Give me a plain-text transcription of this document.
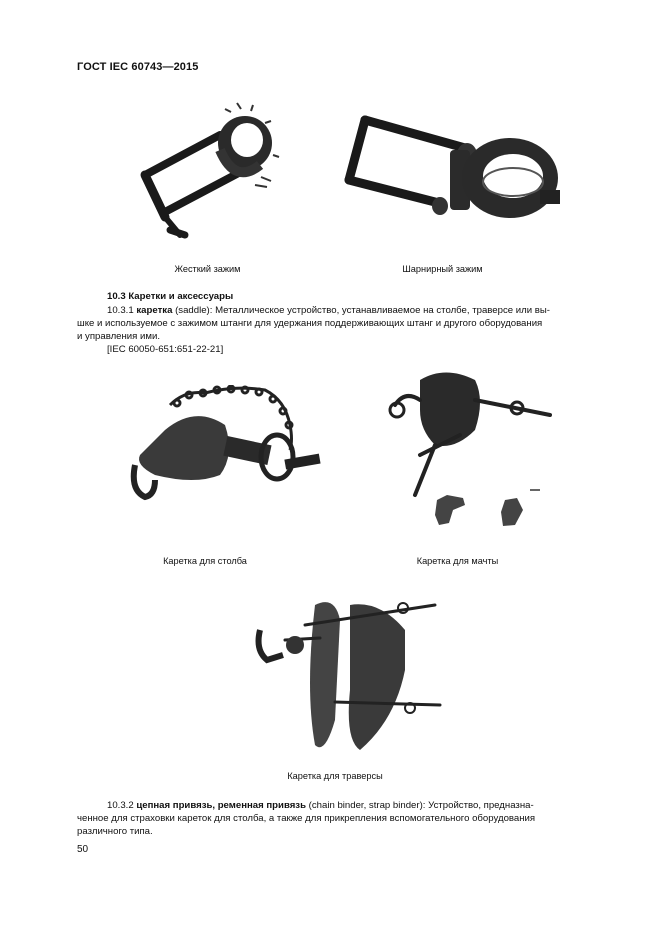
ГОСТ IEC 60743—2015
Жесткий зажим	Шарнирный зажим
10.3 Каретки и аксессуары
10.3.1 каретка (saddle): Металлическое устройство, устанавливаемое на столбе, траверсе или вы-
шке и используемое с зажимом штанги для удержания поддерживающих штанг и другого оборудования
и управления ими.
[IEC 60050-651:651-22-21]
Каретка для столба	Каретка для мачты
Каретка для траверсы
10.3.2 цепная привязь, ременная привязь (chain binder, strap binder): Устройство, предназна-
ченное для страховки кареток для столба, а также для прикрепления вспомогательного оборудования
различного типа.
50
